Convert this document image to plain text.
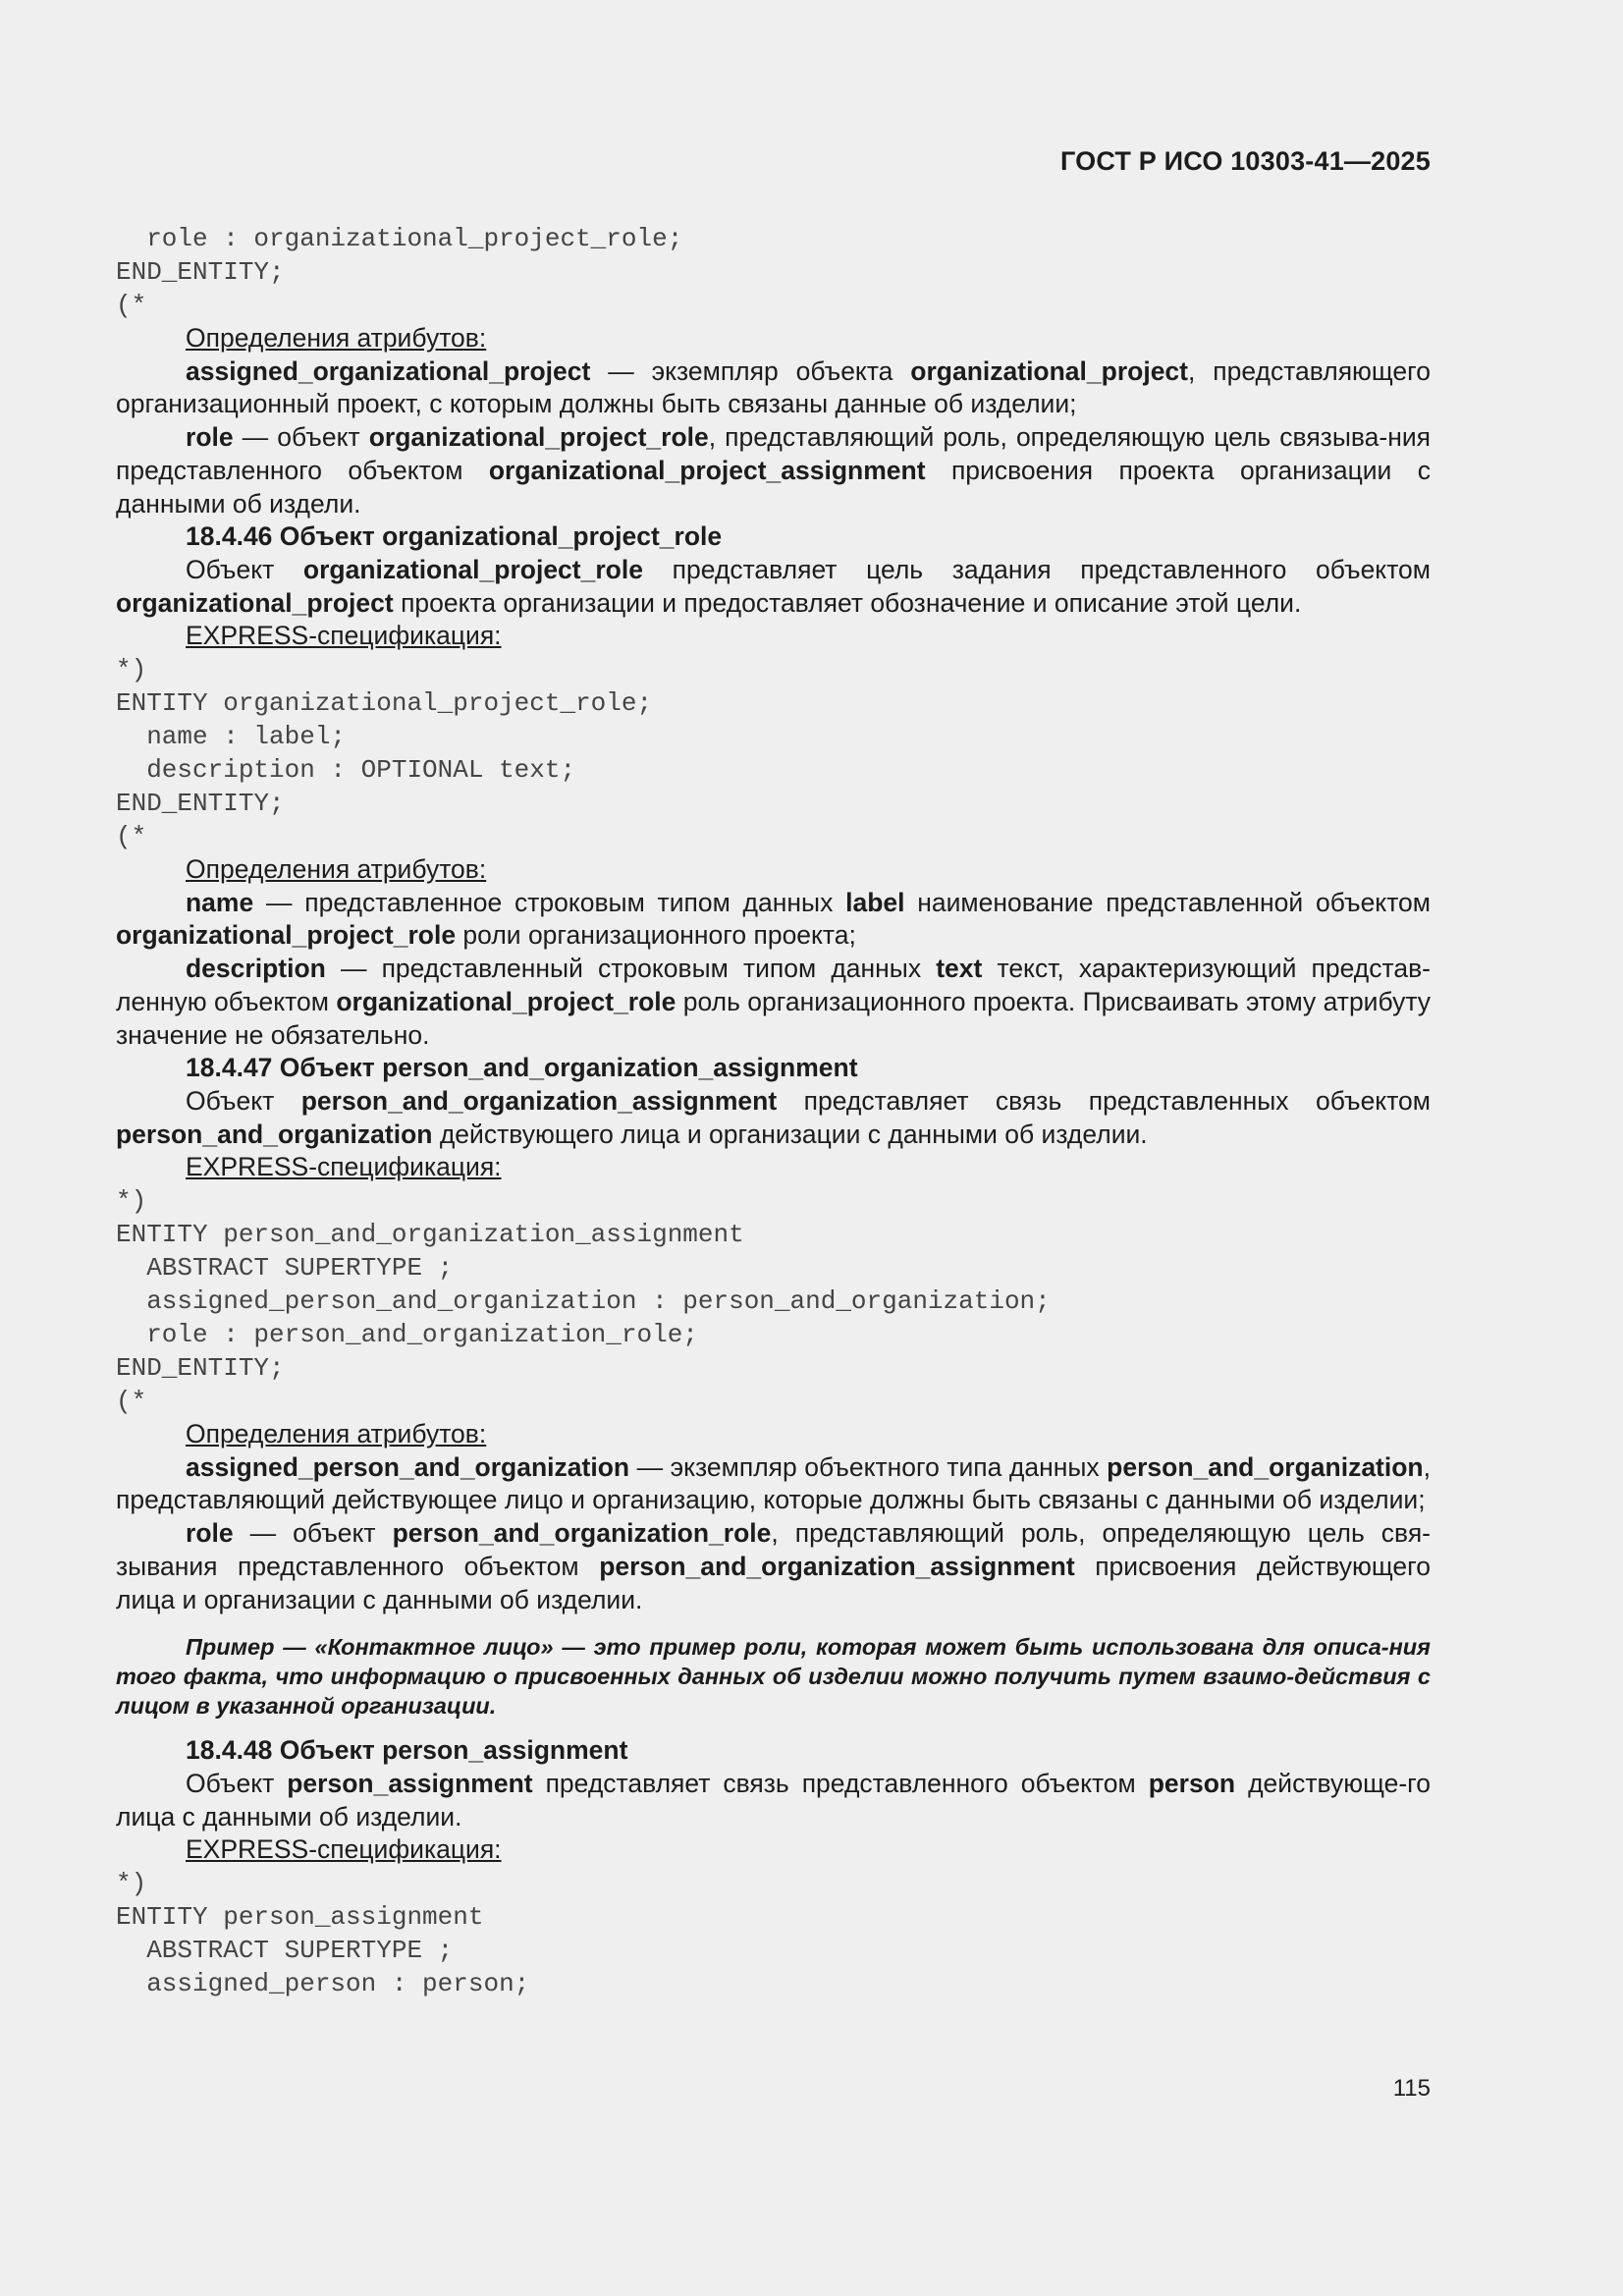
ГОСТ Р ИСО 10303-41—2025
role : organizational_project_role;
END_ENTITY;
(*

Определения атрибутов:

assigned_organizational_project — экземпляр объекта organizational_project, представляющего организационный проект, с которым должны быть связаны данные об изделии;

role — объект organizational_project_role, представляющий роль, определяющую цель связыва-ния представленного объектом organizational_project_assignment присвоения проекта организации с данными об издели.

18.4.46 Объект organizational_project_role

Объект organizational_project_role представляет цель задания представленного объектом organizational_project проекта организации и предоставляет обозначение и описание этой цели.

EXPRESS-спецификация:

*)
ENTITY organizational_project_role;
name : label;
description : OPTIONAL text;
END_ENTITY;
(*

Определения атрибутов:

name — представленное строковым типом данных label наименование представленной объектом organizational_project_role роли организационного проекта;

description — представленный строковым типом данных text текст, характеризующий представ-ленную объектом organizational_project_role роль организационного проекта. Присваивать этому атрибуту значение не обязательно.

18.4.47 Объект person_and_organization_assignment

Объект person_and_organization_assignment представляет связь представленных объектом person_and_organization действующего лица и организации с данными об изделии.

EXPRESS-спецификация:

*)
ENTITY person_and_organization_assignment
ABSTRACT SUPERTYPE ;
assigned_person_and_organization : person_and_organization;
role : person_and_organization_role;
END_ENTITY;
(*

Определения атрибутов:

assigned_person_and_organization — экземпляр объектного типа данных person_and_organization, представляющий действующее лицо и организацию, которые должны быть связаны с данными об изделии;

role — объект person_and_organization_role, представляющий роль, определяющую цель свя-зывания представленного объектом person_and_organization_assignment присвоения действующего лица и организации с данными об изделии.

Пример — «Контактное лицо» — это пример роли, которая может быть использована для описа-ния того факта, что информацию о присвоенных данных об изделии можно получить путем взаимо-действия с лицом в указанной организации.

18.4.48 Объект person_assignment

Объект person_assignment представляет связь представленного объектом person действующе-го лица с данными об изделии.

EXPRESS-спецификация:

*)
ENTITY person_assignment
ABSTRACT SUPERTYPE ;
assigned_person : person;
115
